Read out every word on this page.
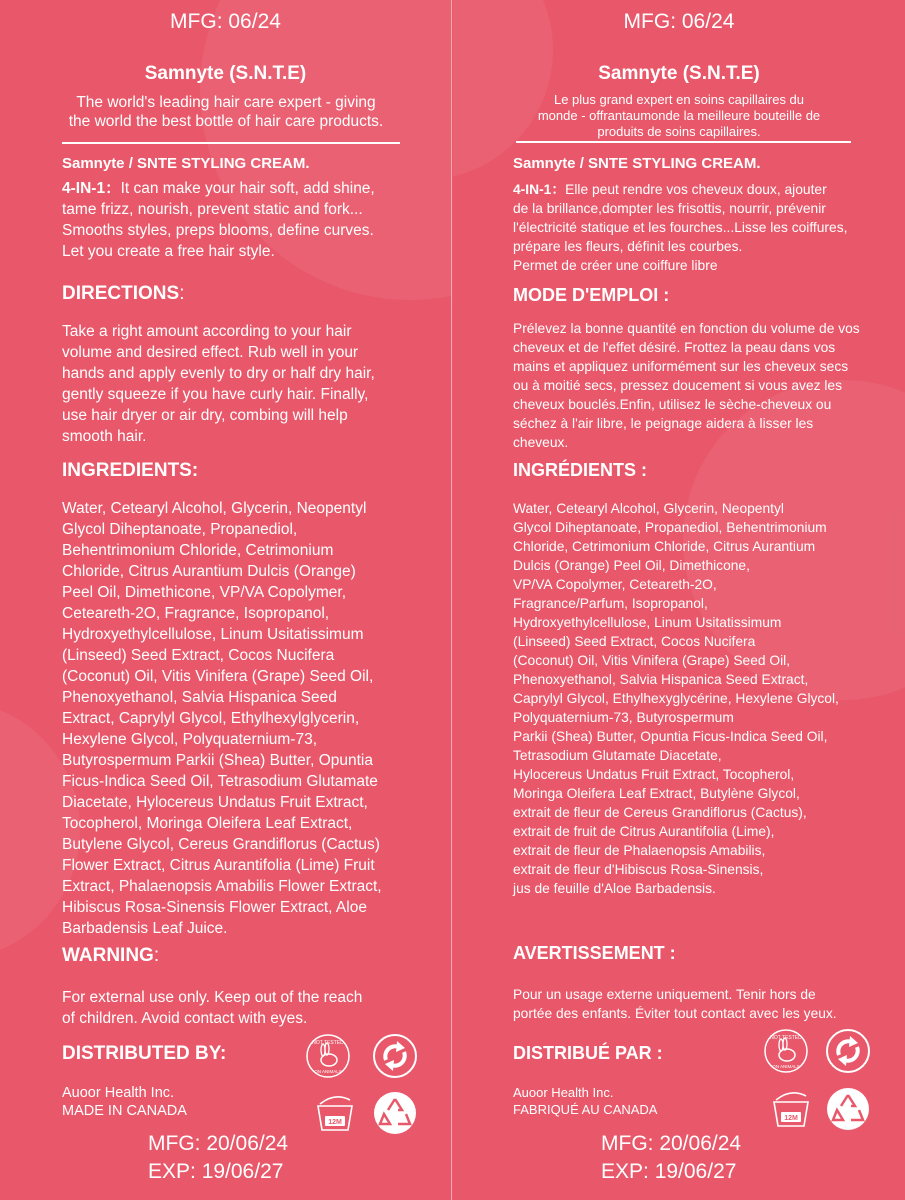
MFG: 06/24
Samnyte (S.N.T.E)
The world's leading hair care expert - giving
the world the best bottle of hair care products.
Samnyte / SNTE STYLING CREAM.
4-IN-1：It can make your hair soft, add shine,
tame frizz, nourish, prevent static and fork...
Smooths styles, preps blooms, define curves.
Let you create a free hair style.
DIRECTIONS:
Take a right amount according to your hair
volume and desired effect. Rub well in your
hands and apply evenly to dry or half dry hair,
gently squeeze if you have curly hair. Finally,
use hair dryer or air dry, combing will help
smooth hair.
INGREDIENTS:
Water, Cetearyl Alcohol, Glycerin, Neopentyl
Glycol Diheptanoate, Propanediol,
Behentrimonium Chloride, Cetrimonium
Chloride, Citrus Aurantium Dulcis (Orange)
Peel Oil, Dimethicone, VP/VA Copolymer,
Ceteareth-2O, Fragrance, Isopropanol,
Hydroxyethylcellulose, Linum Usitatissimum
(Linseed) Seed Extract, Cocos Nucifera
(Coconut) Oil, Vitis Vinifera (Grape) Seed Oil,
Phenoxyethanol, Salvia Hispanica Seed
Extract, Caprylyl Glycol, Ethylhexylglycerin,
Hexylene Glycol, Polyquaternium-73,
Butyrospermum Parkii (Shea) Butter, Opuntia
Ficus-Indica Seed Oil, Tetrasodium Glutamate
Diacetate, Hylocereus Undatus Fruit Extract,
Tocopherol, Moringa Oleifera Leaf Extract,
Butylene Glycol, Cereus Grandiflorus (Cactus)
Flower Extract, Citrus Aurantifolia (Lime) Fruit
Extract, Phalaenopsis Amabilis Flower Extract,
Hibiscus Rosa-Sinensis Flower Extract, Aloe
Barbadensis Leaf Juice.
WARNING:
For external use only. Keep out of the reach
of children. Avoid contact with eyes.
DISTRIBUTED BY:
Auoor Health Inc.
MADE IN CANADA
MFG: 20/06/24
EXP: 19/06/27
NOT TESTED
ON ANIMALS
12M
MFG: 06/24
Samnyte (S.N.T.E)
Le plus grand expert en soins capillaires du
monde - offrantaumonde la meilleure bouteille de
produits de soins capillaires.
Samnyte / SNTE STYLING CREAM.
4-IN-1：Elle peut rendre vos cheveux doux, ajouter
de la brillance,dompter les frisottis, nourrir, prévenir
l'électricité statique et les fourches...Lisse les coiffures,
prépare les fleurs, définit les courbes.
Permet de créer une coiffure libre
MODE D'EMPLOI :
Prélevez la bonne quantité en fonction du volume de vos
cheveux et de l'effet désiré. Frottez la peau dans vos
mains et appliquez uniformément sur les cheveux secs
ou à moitié secs, pressez doucement si vous avez les
cheveux bouclés.Enfin, utilisez le sèche-cheveux ou
séchez à l'air libre, le peignage aidera à lisser les
cheveux.
INGRÉDIENTS :
Water, Cetearyl Alcohol, Glycerin, Neopentyl
Glycol Diheptanoate, Propanediol, Behentrimonium
Chloride, Cetrimonium Chloride, Citrus Aurantium
Dulcis (Orange) Peel Oil, Dimethicone,
VP/VA Copolymer, Ceteareth-2O,
Fragrance/Parfum, Isopropanol,
Hydroxyethylcellulose, Linum Usitatissimum
(Linseed) Seed Extract, Cocos Nucifera
(Coconut) Oil, Vitis Vinifera (Grape) Seed Oil,
Phenoxyethanol, Salvia Hispanica Seed Extract,
Caprylyl Glycol, Ethylhexyglycérine, Hexylene Glycol,
Polyquaternium-73, Butyrospermum
Parkii (Shea) Butter, Opuntia Ficus-Indica Seed Oil,
Tetrasodium Glutamate Diacetate,
Hylocereus Undatus Fruit Extract, Tocopherol,
Moringa Oleifera Leaf Extract, Butylène Glycol,
extrait de fleur de Cereus Grandiflorus (Cactus),
extrait de fruit de Citrus Aurantifolia (Lime),
extrait de fleur de Phalaenopsis Amabilis,
extrait de fleur d'Hibiscus Rosa-Sinensis,
jus de feuille d'Aloe Barbadensis.
AVERTISSEMENT :
Pour un usage externe uniquement. Tenir hors de
portée des enfants. Éviter tout contact avec les yeux.
DISTRIBUÉ PAR :
Auoor Health Inc.
FABRIQUÉ AU CANADA
MFG: 20/06/24
EXP: 19/06/27
NOT TESTED
ON ANIMALS
12M
